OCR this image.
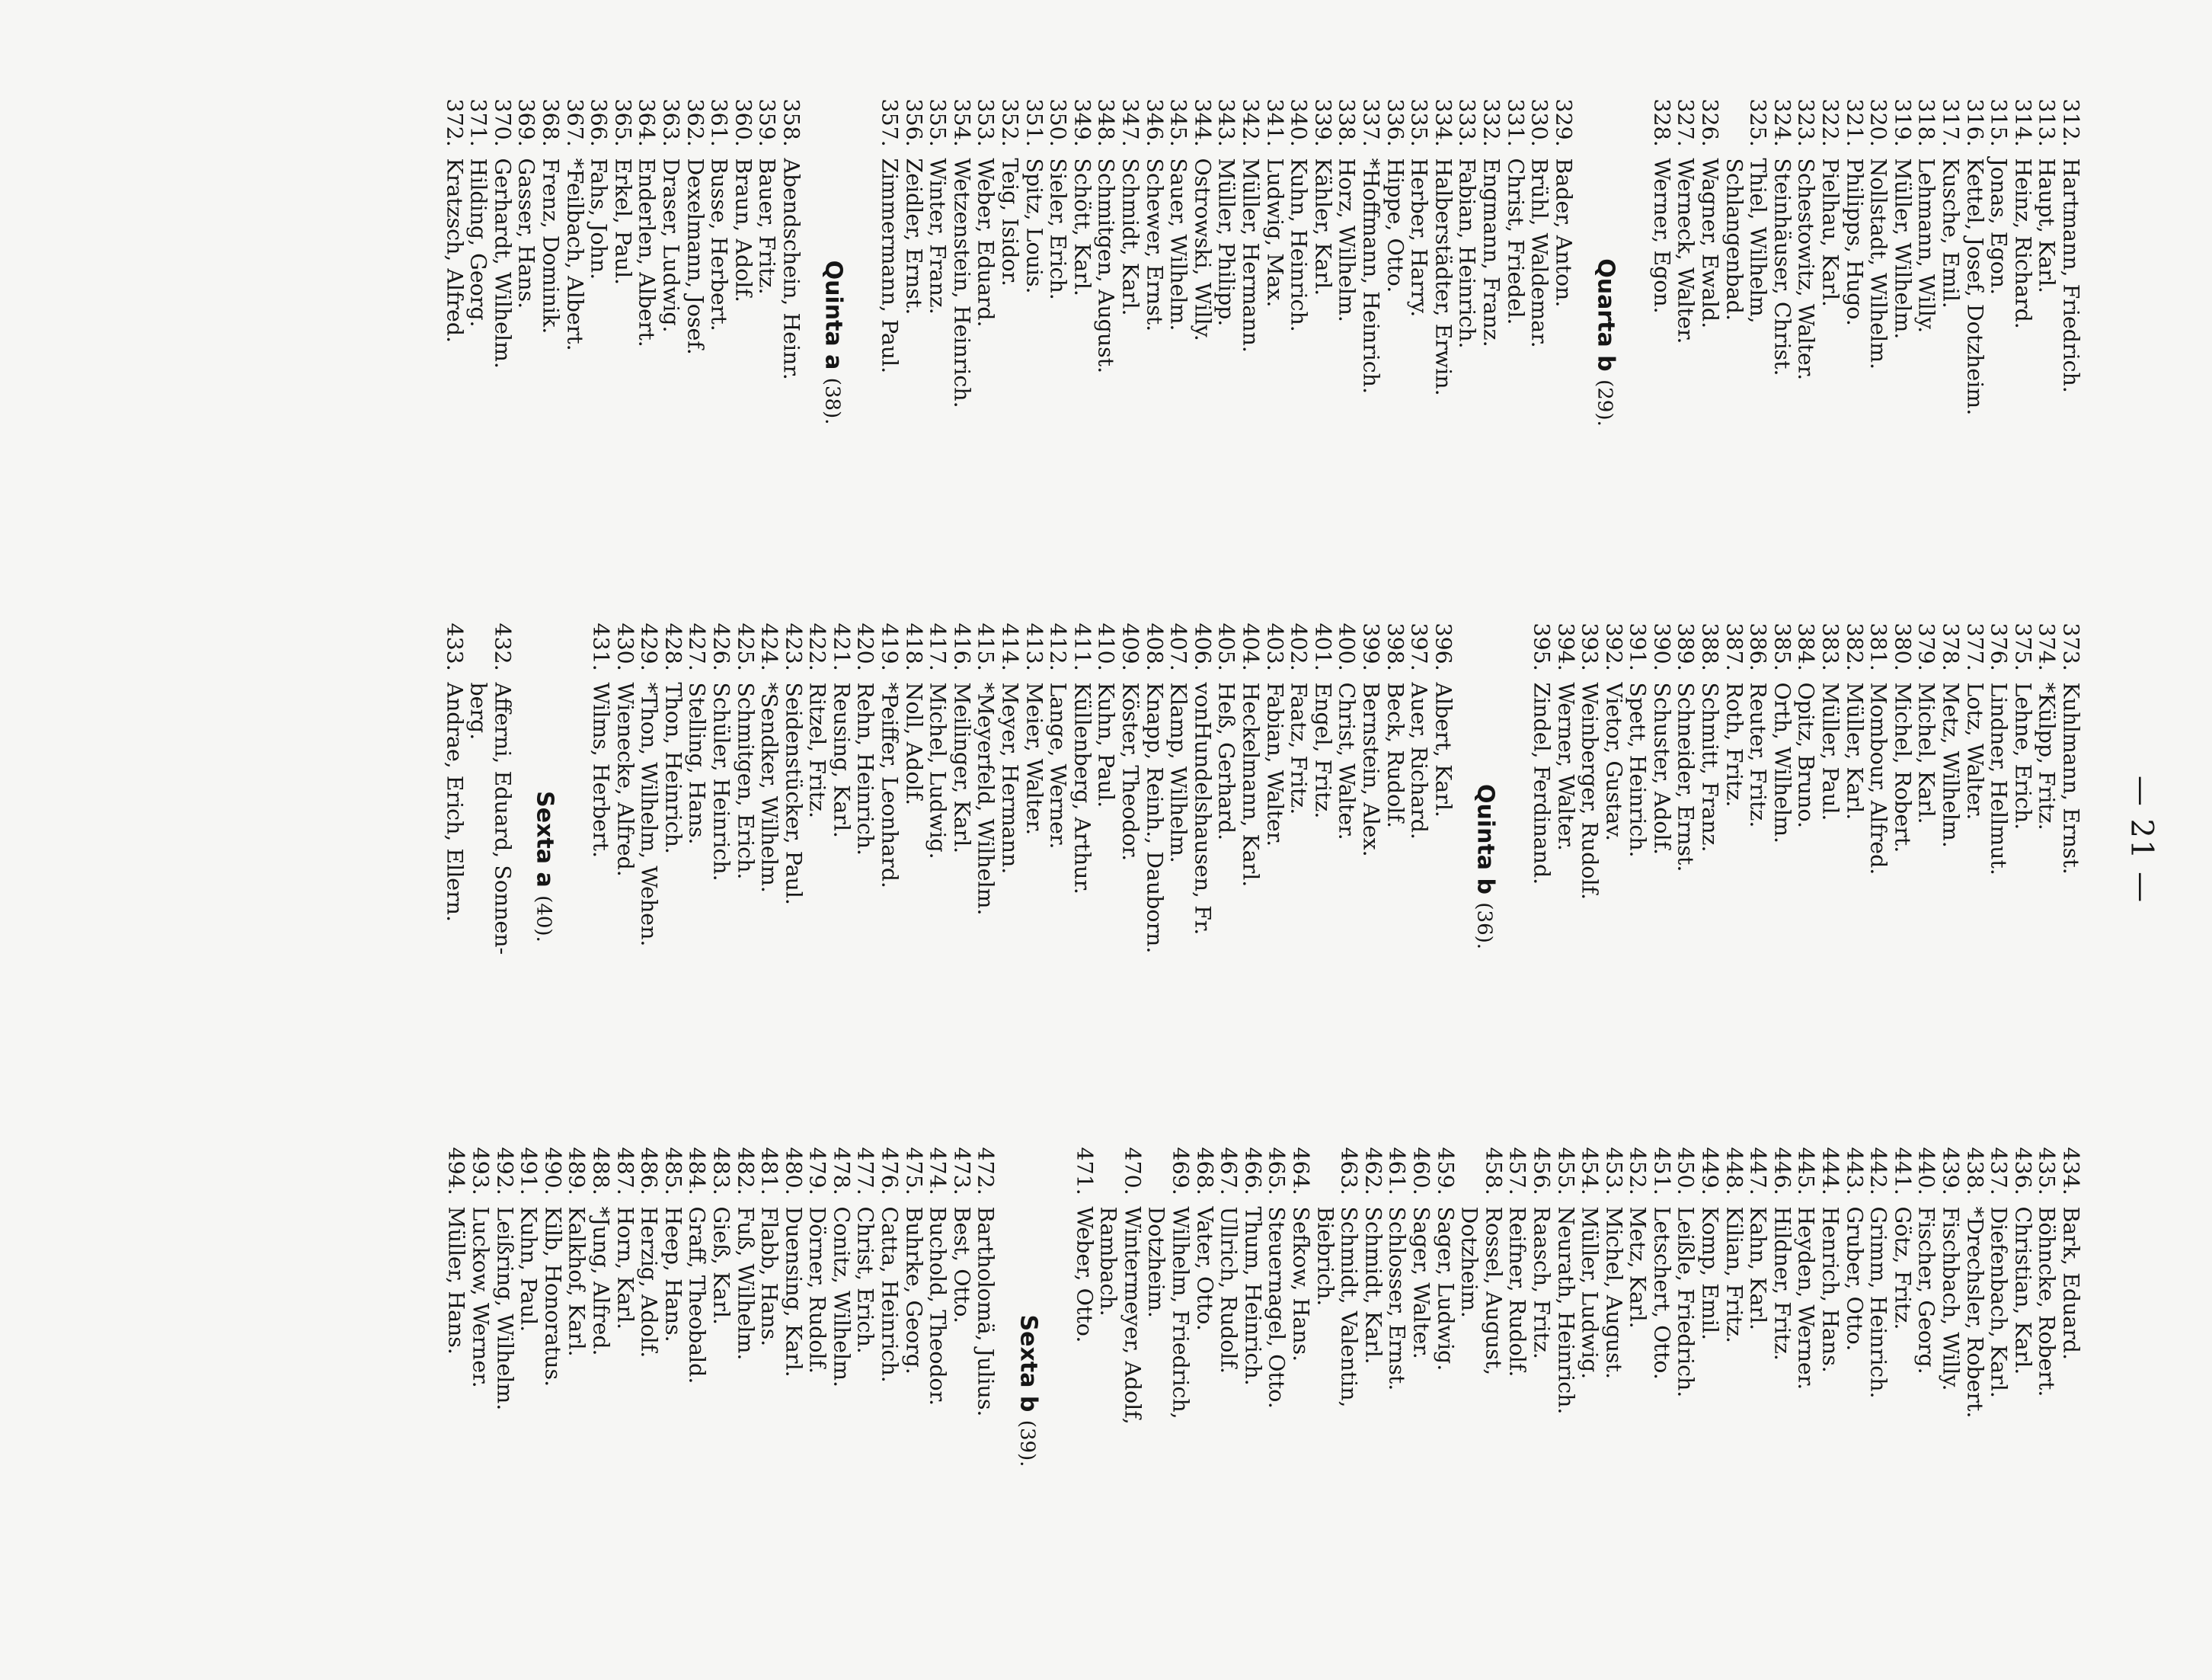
— 21 —
312.
Hartmann, Friedrich.
313.
Haupt, Karl.
314.
Heinz, Richard.
315.
Jonas, Egon.
316.
Kettel, Josef, Dotzheim.
317.
Kusche, Emil.
318.
Lehmann, Willy.
319.
Müller, Wilhelm.
320.
Nollstadt, Wilhelm.
321.
Philipps, Hugo.
322.
Pielhau, Karl.
323.
Schestowitz, Walter.
324.
Steinhäuser, Christ.
325.
Thiel, Wilhelm,
Schlangenbad.
326.
Wagner, Ewald.
327.
Werneck, Walter.
328.
Werner, Egon.
Quarta b (29).
329.
Bader, Anton.
330.
Brühl, Waldemar.
331.
Christ, Friedel.
332.
Engmann, Franz.
333.
Fabian, Heinrich.
334.
Halberstädter, Erwin.
335.
Herber, Harry.
336.
Hippe, Otto.
337.
*Hoffmann, Heinrich.
338.
Horz, Wilhelm.
339.
Kähler, Karl.
340.
Kuhn, Heinrich.
341.
Ludwig, Max.
342.
Müller, Hermann.
343.
Müller, Philipp.
344.
Ostrowski, Willy.
345.
Sauer, Wilhelm.
346.
Schewer, Ernst.
347.
Schmidt, Karl.
348.
Schmitgen, August.
349.
Schött, Karl.
350.
Sieler, Erich.
351.
Spitz, Louis.
352.
Teig, Isidor.
353.
Weber, Eduard.
354.
Wetzenstein, Heinrich.
355.
Winter, Franz.
356.
Zeidler, Ernst.
357.
Zimmermann, Paul.
Quinta a (38).
358.
Abendschein, Heinr.
359.
Bauer, Fritz.
360.
Braun, Adolf.
361.
Busse, Herbert.
362.
Dexelmann, Josef.
363.
Draser, Ludwig.
364.
Enderlen, Albert.
365.
Erkel, Paul.
366.
Fahs, John.
367.
*Feilbach, Albert.
368.
Frenz, Dominik.
369.
Gasser, Hans.
370.
Gerhardt, Wilhelm.
371.
Hilding, Georg.
372.
Kratzsch, Alfred.
373.
Kuhlmann, Ernst.
374.
*Külpp, Fritz.
375.
Lehne, Erich.
376.
Lindner, Hellmut.
377.
Lotz, Walter.
378.
Metz, Wilhelm.
379.
Michel, Karl.
380.
Michel, Robert.
381.
Mombour, Alfred.
382.
Müller, Karl.
383.
Müller, Paul.
384.
Opitz, Bruno.
385.
Orth, Wilhelm.
386.
Reuter, Fritz.
387.
Roth, Fritz.
388.
Schmitt, Franz.
389.
Schneider, Ernst.
390.
Schuster, Adolf.
391.
Spett, Heinrich.
392.
Vietor, Gustav.
393.
Weinberger, Rudolf.
394.
Werner, Walter.
395.
Zindel, Ferdinand.
Quinta b (36).
396.
Albert, Karl.
397.
Auer, Richard.
398.
Beck, Rudolf.
399.
Bernstein, Alex.
400.
Christ, Walter.
401.
Engel, Fritz.
402.
Faatz, Fritz.
403.
Fabian, Walter.
404.
Heckelmann, Karl.
405.
Heß, Gerhard.
406.
vonHundelshausen, Fr.
407.
Klamp, Wilhelm.
408.
Knapp, Reinh., Dauborn.
409.
Köster, Theodor.
410.
Kuhn, Paul.
411.
Küllenberg, Arthur.
412.
Lange, Werner.
413.
Meier, Walter.
414.
Meyer, Hermann.
415.
*Meyerfeld, Wilhelm.
416.
Meilinger, Karl.
417.
Michel, Ludwig.
418.
Noll, Adolf.
419.
*Peiffer, Leonhard.
420.
Rehn, Heinrich.
421.
Reusing, Karl.
422.
Ritzel, Fritz.
423.
Seidenstücker, Paul.
424.
*Sendker, Wilhelm.
425.
Schmitgen, Erich.
426.
Schüler, Heinrich.
427.
Stelling, Hans.
428.
Thon, Heinrich.
429.
*Thon, Wilhelm, Wehen.
430.
Wienecke, Alfred.
431.
Wilms, Herbert.
Sexta a (40).
432.
Afferni, Eduard, Sonnen-
berg.
433.
Andrae, Erich, Ellern.
434.
Bark, Eduard.
435.
Böhncke, Robert.
436.
Christian, Karl.
437.
Diefenbach, Karl.
438.
*Drechsler, Robert.
439.
Fischbach, Willy.
440.
Fischer, Georg.
441.
Götz, Fritz.
442.
Grimm, Heinrich.
443.
Gruber, Otto.
444.
Henrich, Hans.
445.
Heyden, Werner.
446.
Hildner, Fritz.
447.
Kahn, Karl.
448.
Kilian, Fritz.
449.
Komp, Emil.
450.
Leißle, Friedrich.
451.
Letschert, Otto.
452.
Metz, Karl.
453.
Michel, August.
454.
Müller, Ludwig.
455.
Neurath, Heinrich.
456.
Raasch, Fritz.
457.
Reifner, Rudolf.
458.
Rossel, August,
Dotzheim.
459.
Sager, Ludwig.
460.
Sager, Walter.
461.
Schlosser, Ernst.
462.
Schmidt, Karl.
463.
Schmidt, Valentin,
Biebrich.
464.
Sefkow, Hans.
465.
Steuernagel, Otto.
466.
Thum, Heinrich.
467.
Ullrich, Rudolf.
468.
Vater, Otto.
469.
Wilhelm, Friedrich,
Dotzheim.
470.
Wintermeyer, Adolf,
Rambach.
471.
Weber, Otto.
Sexta b (39).
472.
Bartholomä, Julius.
473.
Best, Otto.
474.
Buchold, Theodor.
475.
Buhrke, Georg.
476.
Catta, Heinrich.
477.
Christ, Erich.
478.
Conitz, Wilhelm.
479.
Dörner, Rudolf.
480.
Duensing, Karl.
481.
Flabb, Hans.
482.
Fuß, Wilhelm.
483.
Gieß, Karl.
484.
Graff, Theobald.
485.
Heep, Hans.
486.
Herzig, Adolf.
487.
Horn, Karl.
488.
*Jung, Alfred.
489.
Kalkhof, Karl.
490.
Kilb, Honoratus.
491.
Kuhn, Paul.
492.
Leißring, Wilhelm.
493.
Luckow, Werner.
494.
Müller, Hans.
